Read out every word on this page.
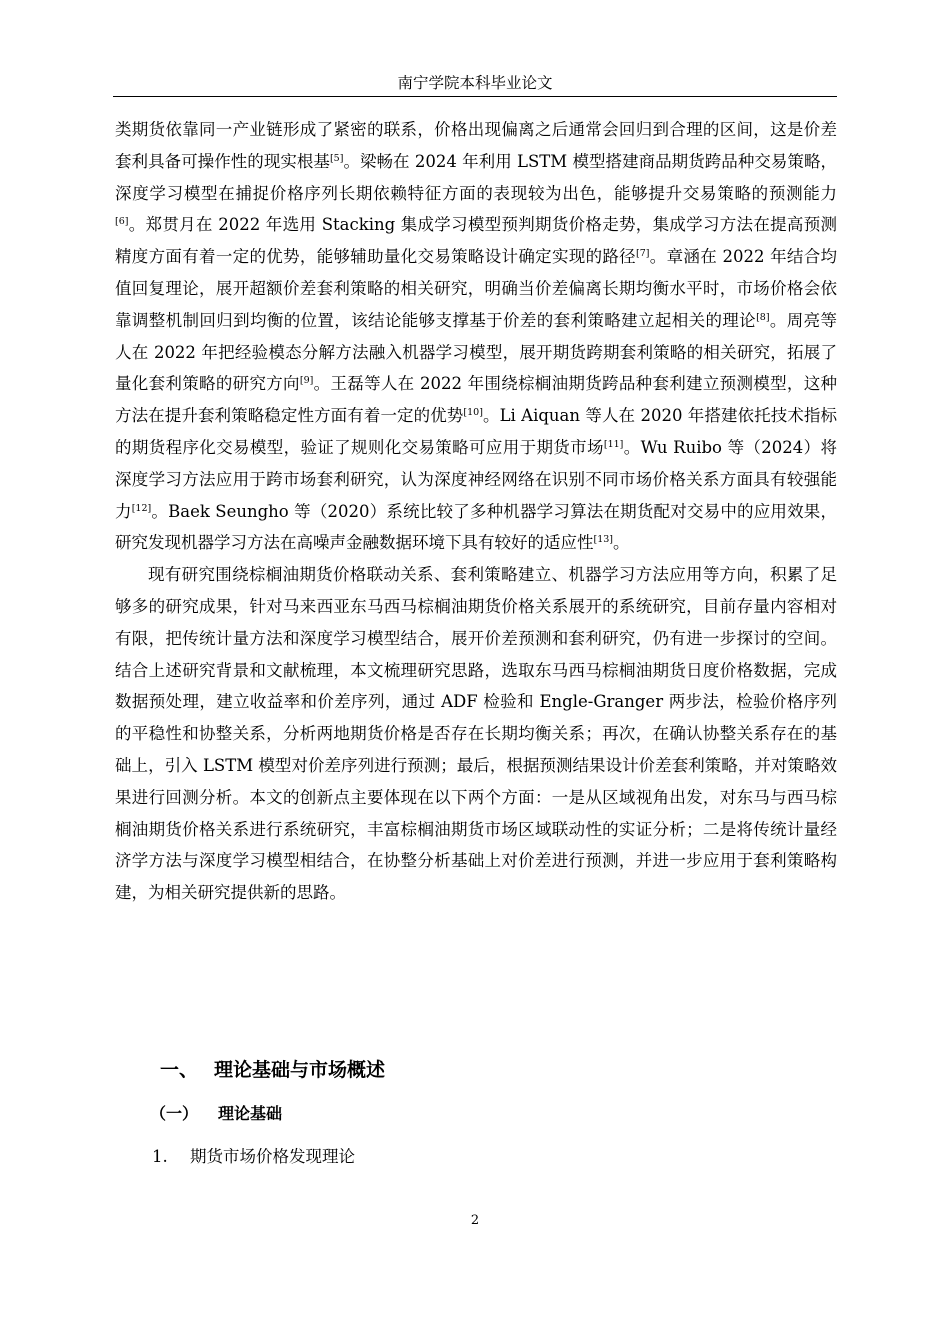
南宁学院本科毕业论文

类期货依靠同一产业链形成了紧密的联系，价格出现偏离之后通常会回归到合理的区间，这是价差套利具备可操作性的现实根基[5]。梁畅在 2024 年利用 LSTM 模型搭建商品期货跨品种交易策略，深度学习模型在捕捉价格序列长期依赖特征方面的表现较为出色，能够提升交易策略的预测能力[6]。郑贯月在 2022 年选用 Stacking 集成学习模型预判期货价格走势，集成学习方法在提高预测精度方面有着一定的优势，能够辅助量化交易策略设计确定实现的路径[7]。章涵在 2022 年结合均值回复理论，展开超额价差套利策略的相关研究，明确当价差偏离长期均衡水平时，市场价格会依靠调整机制回归到均衡的位置，该结论能够支撑基于价差的套利策略建立起相关的理论[8]。周亮等人在 2022 年把经验模态分解方法融入机器学习模型，展开期货跨期套利策略的相关研究，拓展了量化套利策略的研究方向[9]。王磊等人在 2022 年围绕棕榈油期货跨品种套利建立预测模型，这种方法在提升套利策略稳定性方面有着一定的优势[10]。Li Aiquan 等人在 2020 年搭建依托技术指标的期货程序化交易模型，验证了规则化交易策略可应用于期货市场[11]。Wu Ruibo 等（2024）将深度学习方法应用于跨市场套利研究，认为深度神经网络在识别不同市场价格关系方面具有较强能力[12]。Baek Seungho 等（2020）系统比较了多种机器学习算法在期货配对交易中的应用效果，研究发现机器学习方法在高噪声金融数据环境下具有较好的适应性[13]。

现有研究围绕棕榈油期货价格联动关系、套利策略建立、机器学习方法应用等方向，积累了足够多的研究成果，针对马来西亚东马西马棕榈油期货价格关系展开的系统研究，目前存量内容相对有限，把传统计量方法和深度学习模型结合，展开价差预测和套利研究，仍有进一步探讨的空间。结合上述研究背景和文献梳理，本文梳理研究思路，选取东马西马棕榈油期货日度价格数据，完成数据预处理，建立收益率和价差序列，通过 ADF 检验和 Engle-Granger 两步法，检验价格序列的平稳性和协整关系，分析两地期货价格是否存在长期均衡关系；再次，在确认协整关系存在的基础上，引入 LSTM 模型对价差序列进行预测；最后，根据预测结果设计价差套利策略，并对策略效果进行回测分析。本文的创新点主要体现在以下两个方面：一是从区域视角出发，对东马与西马棕榈油期货价格关系进行系统研究，丰富棕榈油期货市场区域联动性的实证分析；二是将传统计量经济学方法与深度学习模型相结合，在协整分析基础上对价差进行预测，并进一步应用于套利策略构建，为相关研究提供新的思路。

一、 理论基础与市场概述
（一） 理论基础
1. 期货市场价格发现理论
2
